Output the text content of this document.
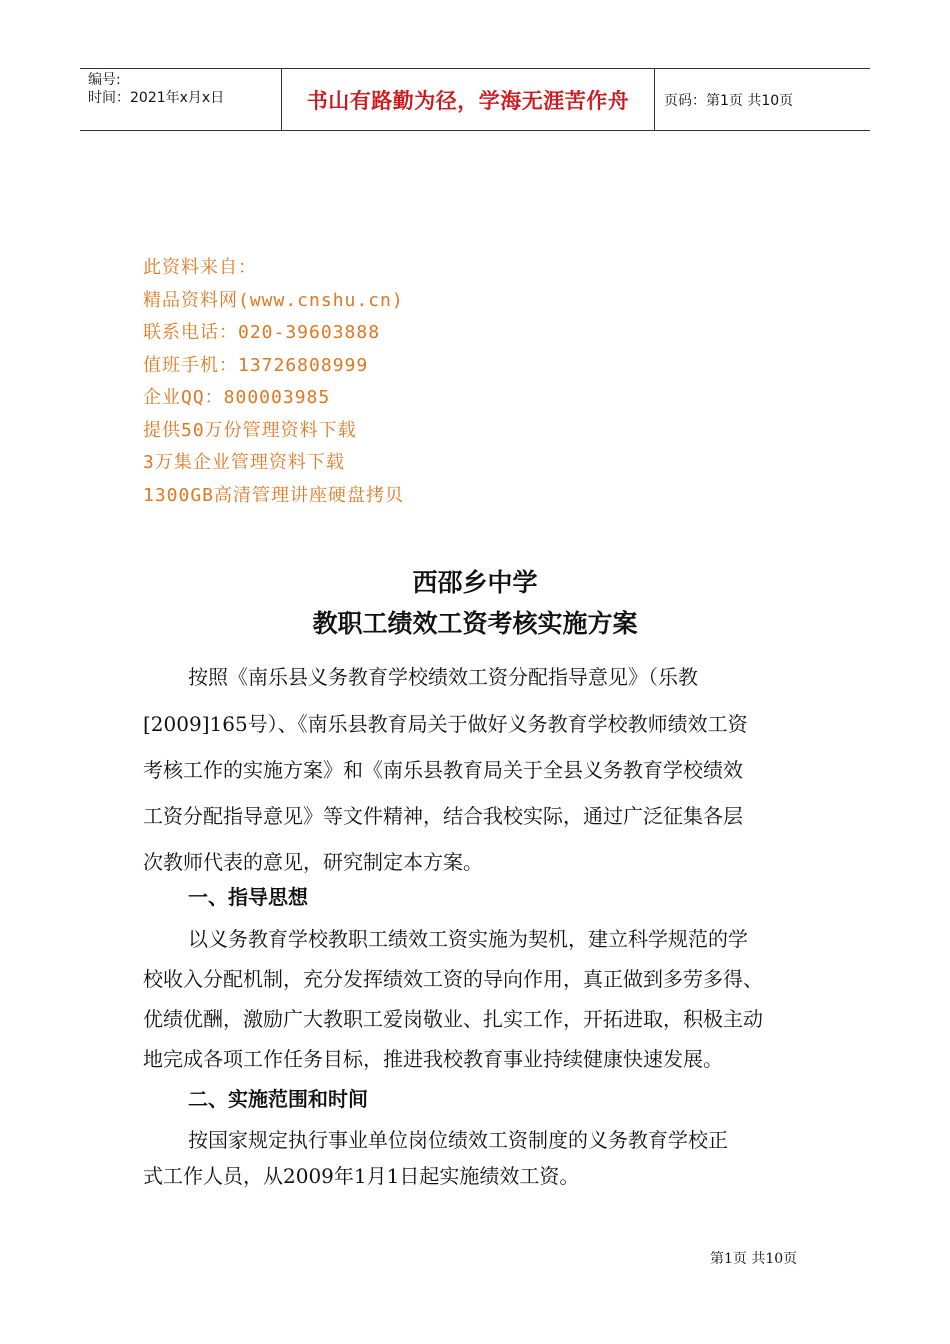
编号:
时间：2021年x月x日	书山有路勤为径，学海无涯苦作舟	页码：第1页 共10页
此资料来自：
精品资料网(www.cnshu.cn)
联系电话：020-39603888
值班手机：13726808999
企业QQ：800003985
提供50万份管理资料下载
3万集企业管理资料下载
1300GB高清管理讲座硬盘拷贝
西邵乡中学
教职工绩效工资考核实施方案
按照《南乐县义务教育学校绩效工资分配指导意见》（乐教
[2009]165号）、《南乐县教育局关于做好义务教育学校教师绩效工资
考核工作的实施方案》和《南乐县教育局关于全县义务教育学校绩效
工资分配指导意见》等文件精神，结合我校实际，通过广泛征集各层
次教师代表的意见，研究制定本方案。
一、指导思想
以义务教育学校教职工绩效工资实施为契机，建立科学规范的学
校收入分配机制，充分发挥绩效工资的导向作用，真正做到多劳多得、
优绩优酬，激励广大教职工爱岗敬业、扎实工作，开拓进取，积极主动
地完成各项工作任务目标，推进我校教育事业持续健康快速发展。
二、实施范围和时间
按国家规定执行事业单位岗位绩效工资制度的义务教育学校正
式工作人员，从2009年1月1日起实施绩效工资。
第1页 共10页
